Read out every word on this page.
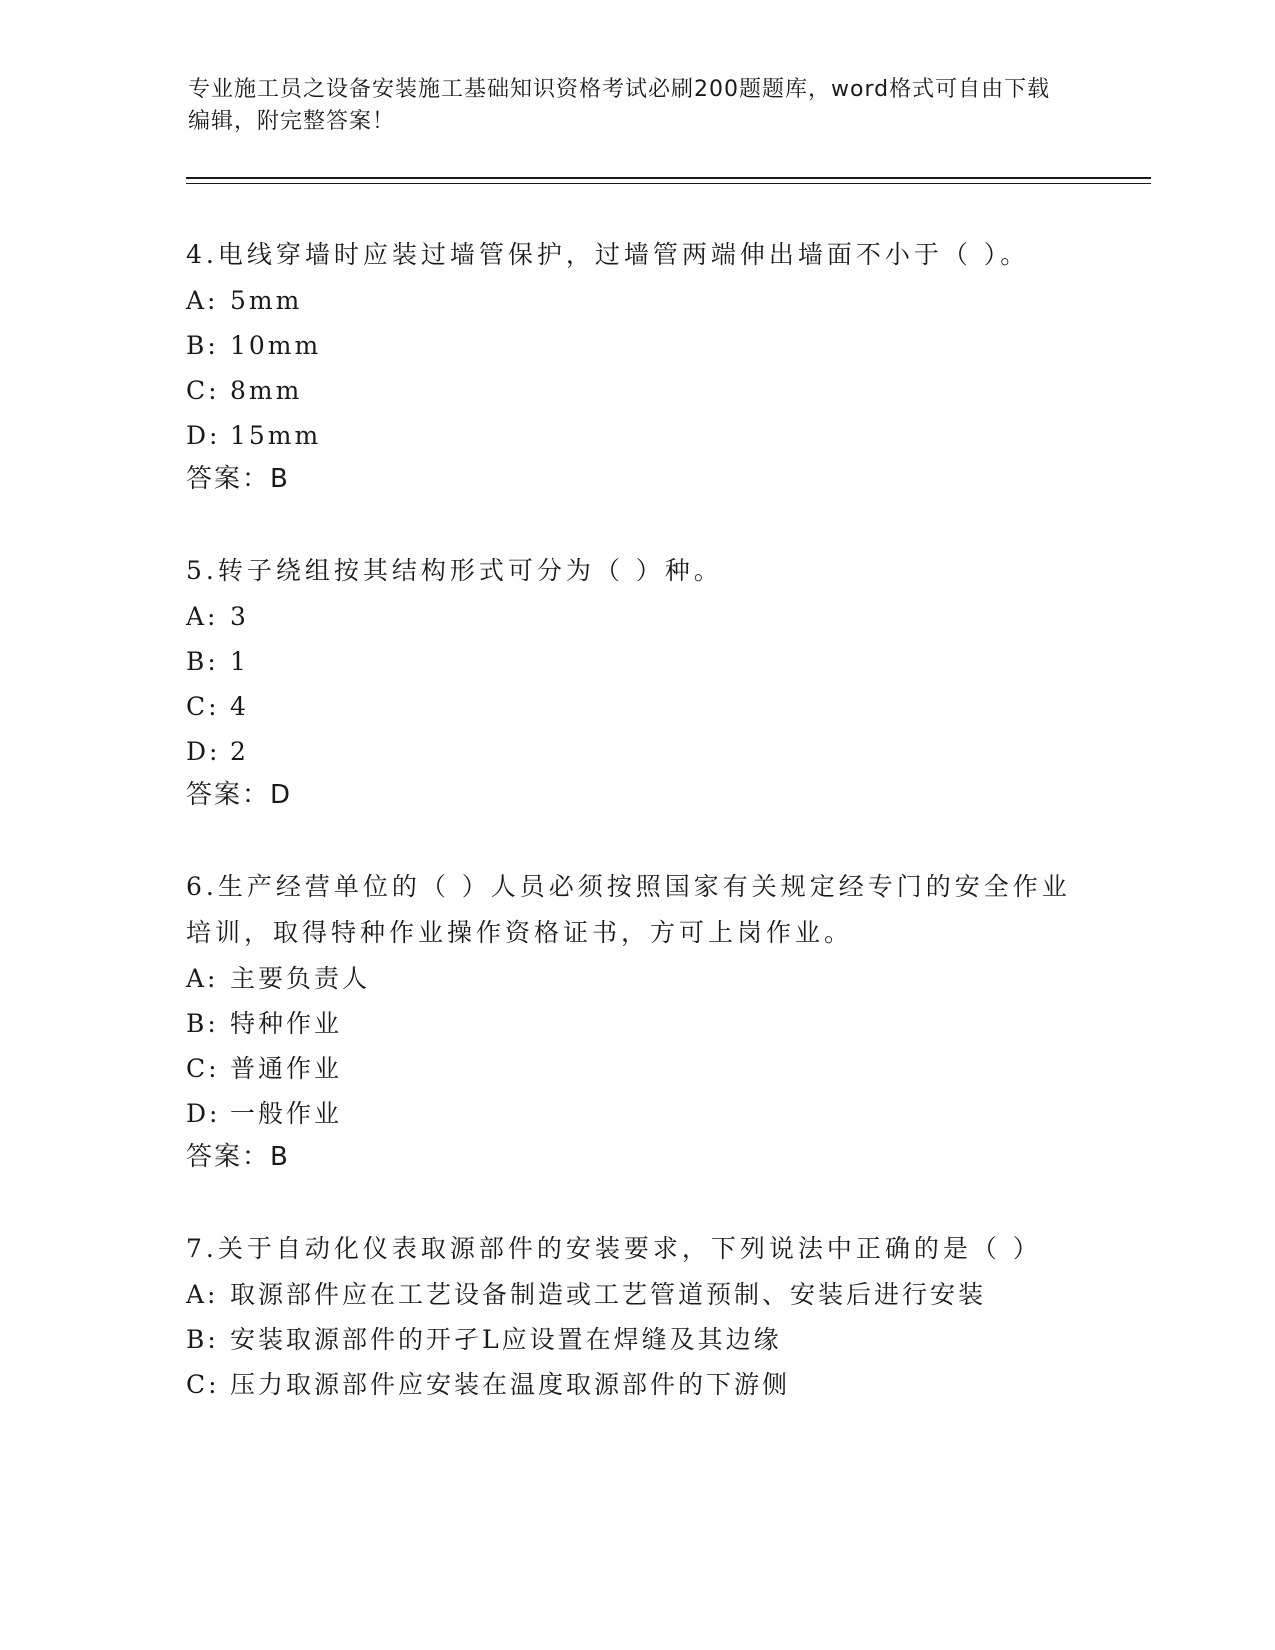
专业施工员之设备安装施工基础知识资格考试必刷200题题库，word格式可自由下载编辑，附完整答案！

4.电线穿墙时应装过墙管保护，过墙管两端伸出墙面不小于（ ）。

A: 5mm
B: 10mm
C: 8mm
D: 15mm

答案：B

5.转子绕组按其结构形式可分为（ ）种。

A: 3
B: 1
C: 4
D: 2

答案：D

6.生产经营单位的（ ）人员必须按照国家有关规定经专门的安全作业培训，取得特种作业操作资格证书，方可上岗作业。

A: 主要负责人
B: 特种作业
C: 普通作业
D: 一般作业

答案：B

7.关于自动化仪表取源部件的安装要求，下列说法中正确的是（ ）

A: 取源部件应在工艺设备制造或工艺管道预制、安装后进行安装
B: 安装取源部件的开孑L应设置在焊缝及其边缘
C: 压力取源部件应安装在温度取源部件的下游侧
